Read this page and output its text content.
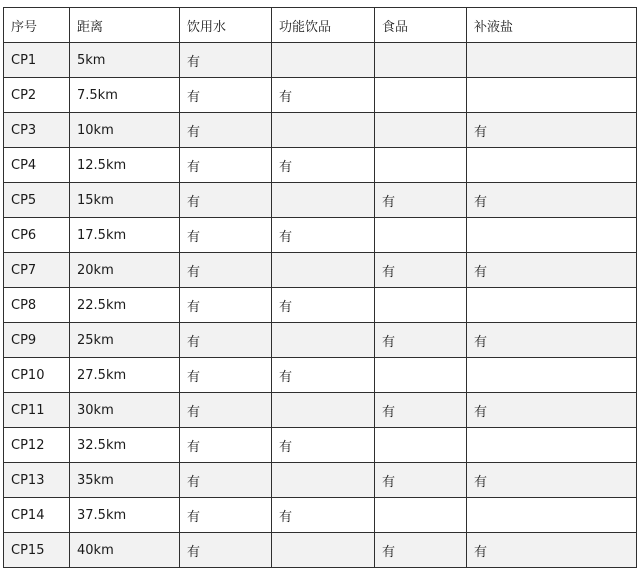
序号	距离	饮用水	功能饮品	食品	补液盐
CP1	5km	有			
CP2	7.5km	有	有		
CP3	10km	有			有
CP4	12.5km	有	有		
CP5	15km	有		有	有
CP6	17.5km	有	有		
CP7	20km	有		有	有
CP8	22.5km	有	有		
CP9	25km	有		有	有
CP10	27.5km	有	有		
CP11	30km	有		有	有
CP12	32.5km	有	有		
CP13	35km	有		有	有
CP14	37.5km	有	有		
CP15	40km	有		有	有
